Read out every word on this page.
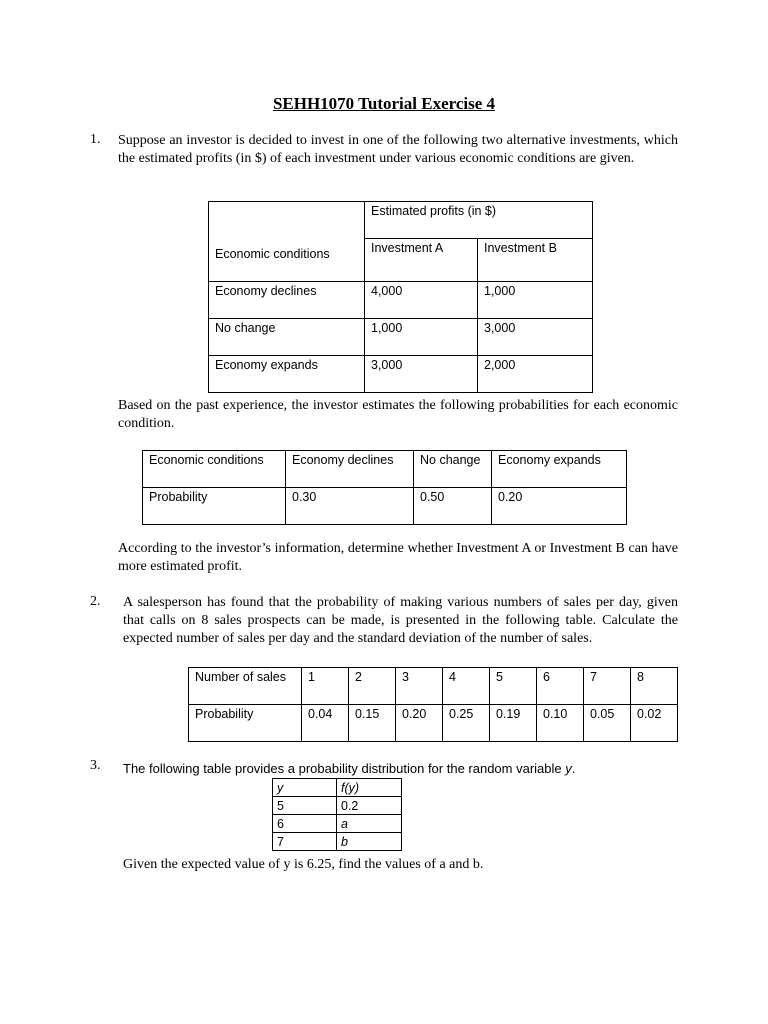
SEHH1070 Tutorial Exercise 4
1. Suppose an investor is decided to invest in one of the following two alternative investments, which the estimated profits (in $) of each investment under various economic conditions are given.
	Estimated profits (in $)	
Economic conditions	Investment A	Investment B
Economy declines	4,000	1,000
No change	1,000	3,000
Economy expands	3,000	2,000
Based on the past experience, the investor estimates the following probabilities for each economic condition.
Economic conditions	Economy declines	No change	Economy expands
Probability	0.30	0.50	0.20
According to the investor’s information, determine whether Investment A or Investment B can have more estimated profit.
2. A salesperson has found that the probability of making various numbers of sales per day, given that calls on 8 sales prospects can be made, is presented in the following table. Calculate the expected number of sales per day and the standard deviation of the number of sales.
Number of sales	1	2	3	4	5	6	7	8
Probability	0.04	0.15	0.20	0.25	0.19	0.10	0.05	0.02
3. The following table provides a probability distribution for the random variable y.
y	f(y)
5	0.2
6	a
7	b
Given the expected value of y is 6.25, find the values of a and b.
